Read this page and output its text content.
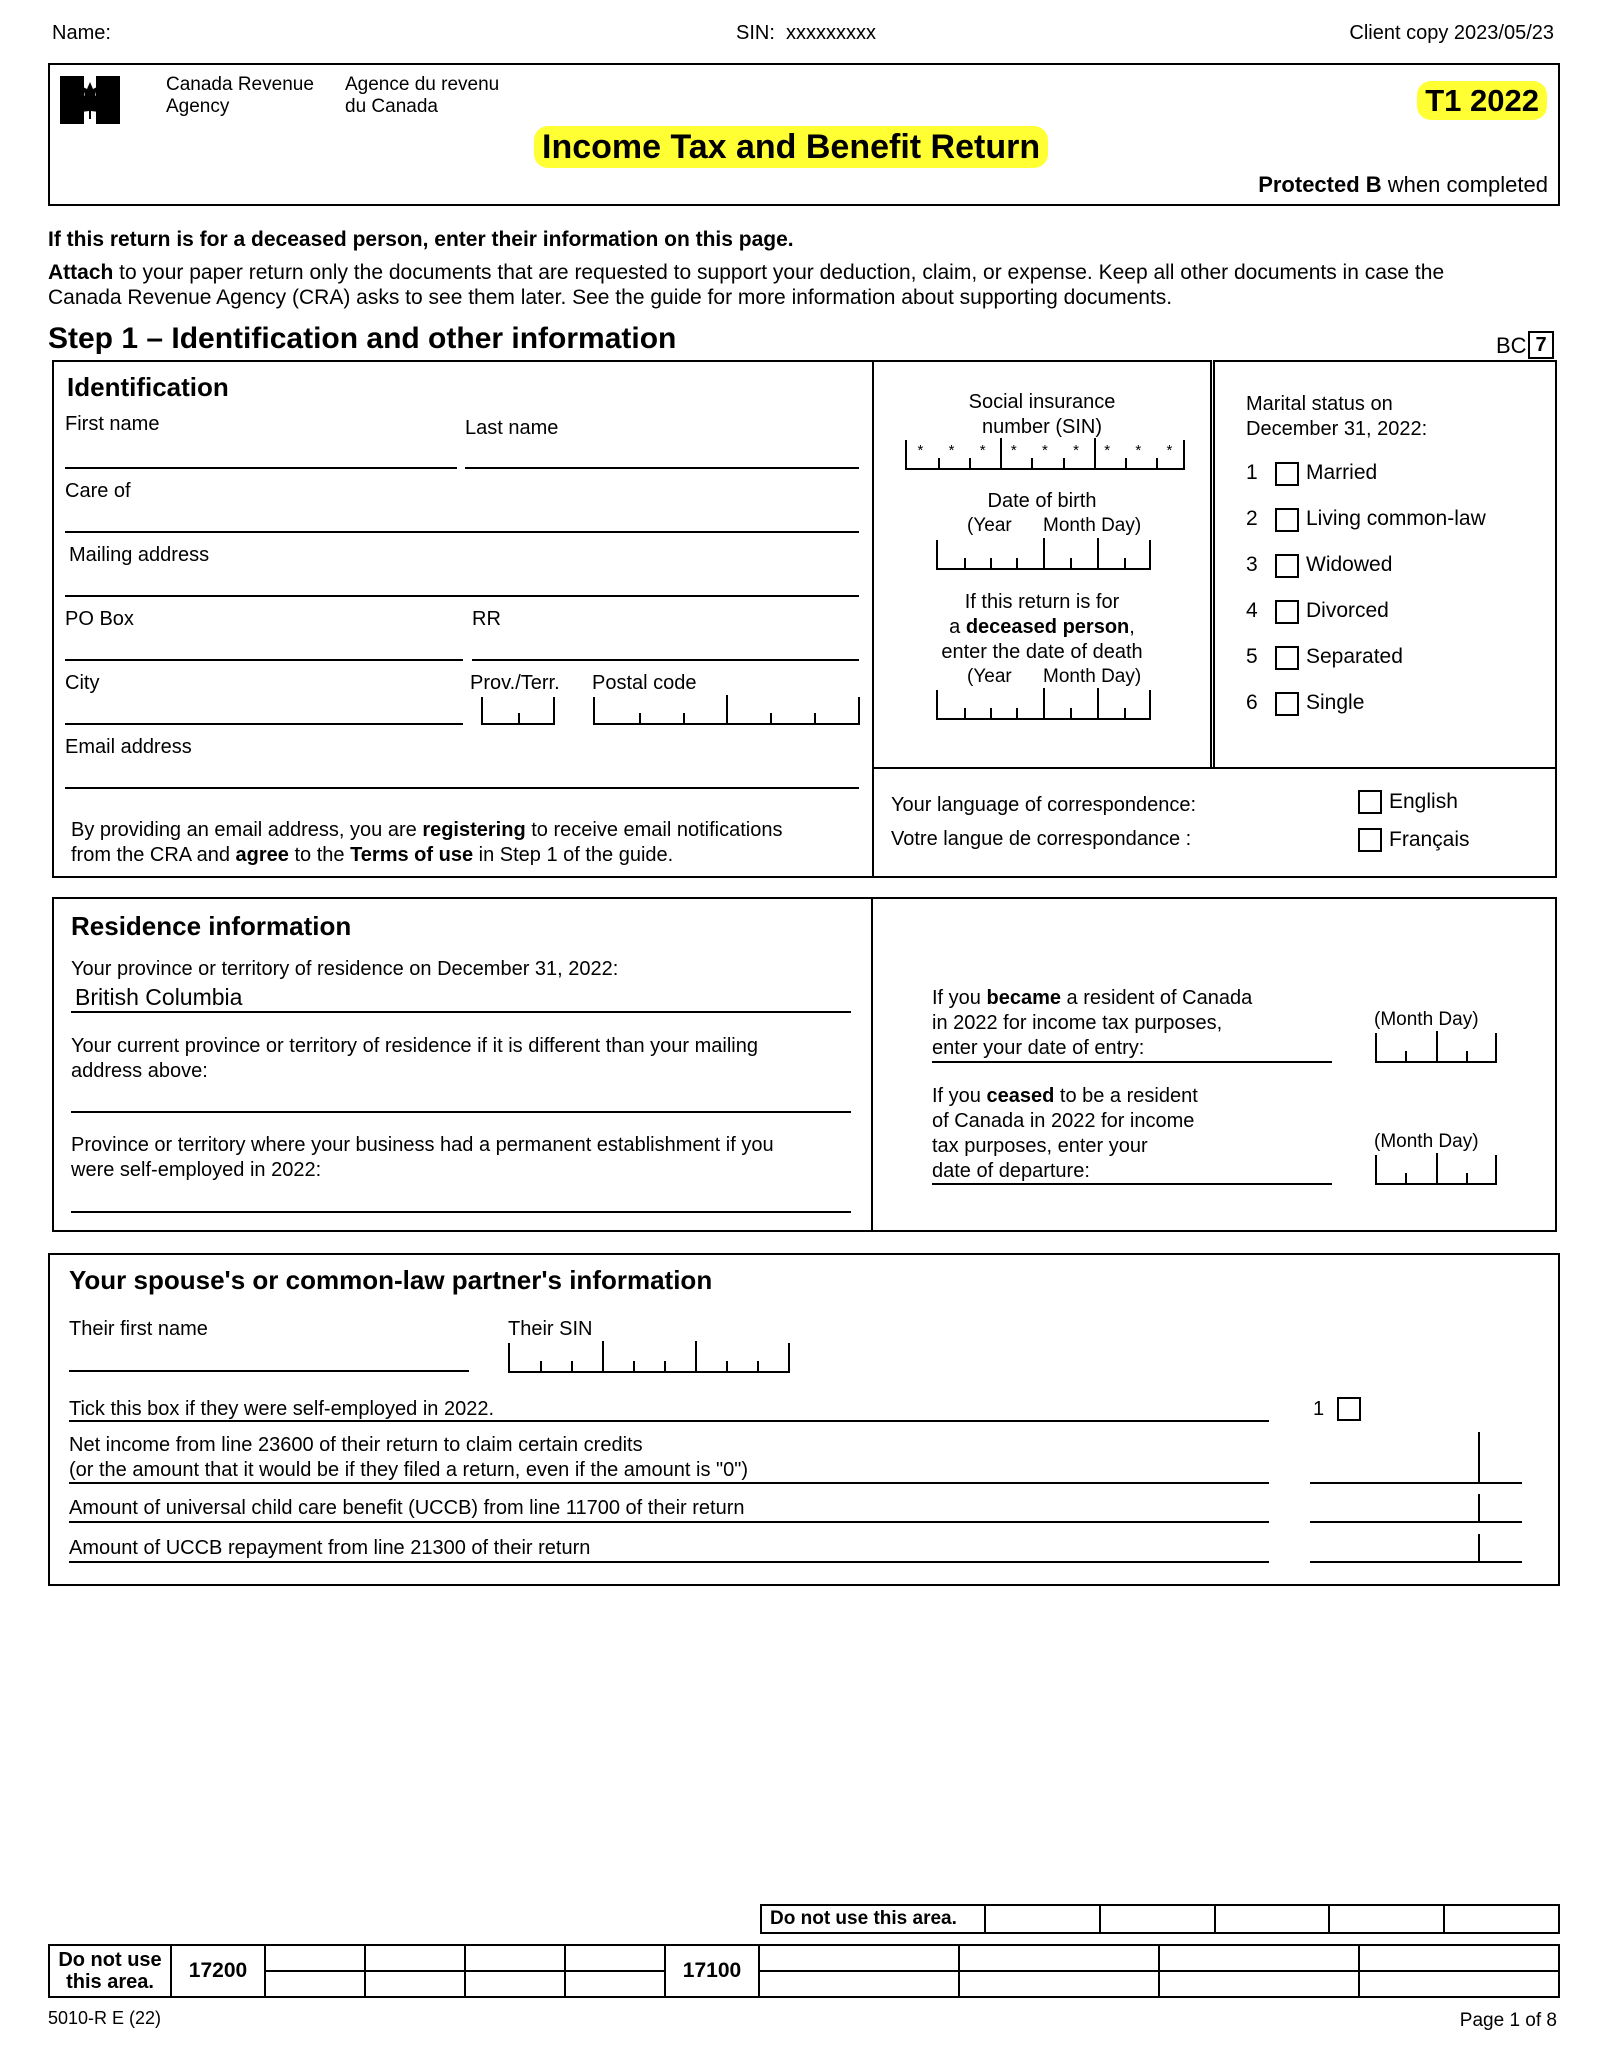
Name:	SIN: xxxxxxxxx	Client copy 2023/05/23
Canada Revenue
Agency
Agence du revenu
du Canada	T1 2022
Income Tax and Benefit Return
Protected B when completed
If this return is for a deceased person, enter their information on this page.
Attach to your paper return only the documents that are requested to support your deduction, claim, or expense. Keep all other documents in case the
Canada Revenue Agency (CRA) asks to see them later. See the guide for more information about supporting documents.
Step 1 – Identification and other information	BC 7
Identification
First name	Last name
Care of
Mailing address
PO Box	RR
City	Prov./Terr. Postal code
Email address
By providing an email address, you are registering to receive email notifications
from the CRA and agree to the Terms of use in Step 1 of the guide.
Social insurance
number (SIN)
* * * * * * * * *
Date of birth
(Year Month Day)
If this return is for
a deceased person,
enter the date of death
(Year Month Day)
Marital status on
December 31, 2022:
1 Married
2 Living common-law
3 Widowed
4 Divorced
5 Separated
6 Single
Your language of correspondence:
Votre langue de correspondance :
English
Français
Residence information
Your province or territory of residence on December 31, 2022:
British Columbia
Your current province or territory of residence if it is different than your mailing
address above:
Province or territory where your business had a permanent establishment if you
were self-employed in 2022:
If you became a resident of Canada
in 2022 for income tax purposes,
enter your date of entry:
(Month Day)
If you ceased to be a resident
of Canada in 2022 for income
tax purposes, enter your
date of departure:
(Month Day)
Your spouse's or common-law partner's information
Their first name	Their SIN
Tick this box if they were self-employed in 2022.	1
Net income from line 23600 of their return to claim certain credits
(or the amount that it would be if they filed a return, even if the amount is "0")
Amount of universal child care benefit (UCCB) from line 11700 of their return
Amount of UCCB repayment from line 21300 of their return
Do not use this area.					
Do not use
this area.	17200					17100				

5010-R E (22)	Page 1 of 8
